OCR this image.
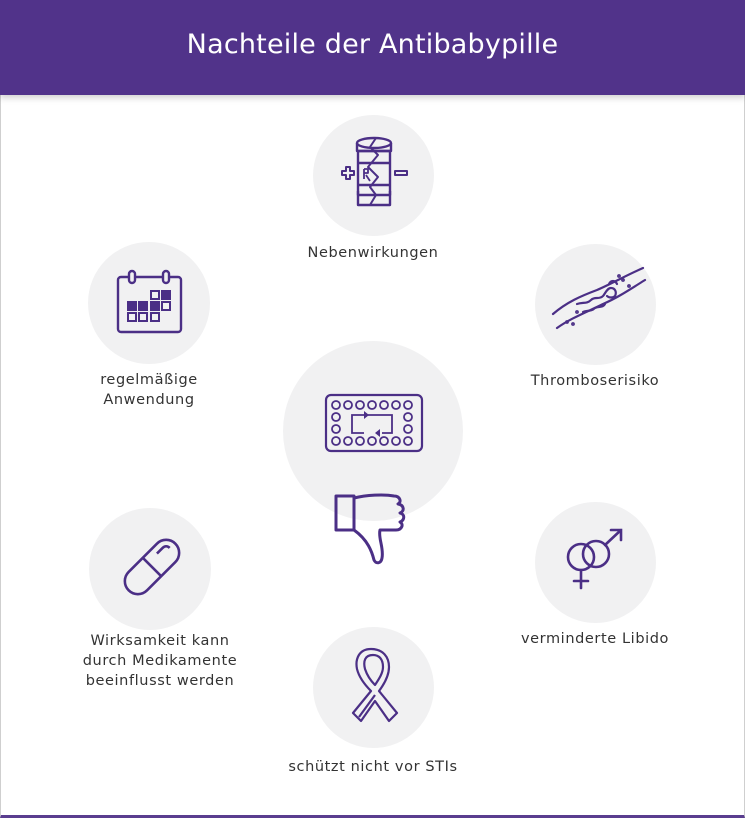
Nachteile der Antibabypille
Nebenwirkungen
regelmäßige
Anwendung
Thromboserisiko
Wirksamkeit kann
durch Medikamente
beeinflusst werden
verminderte Libido
schützt nicht vor STIs
